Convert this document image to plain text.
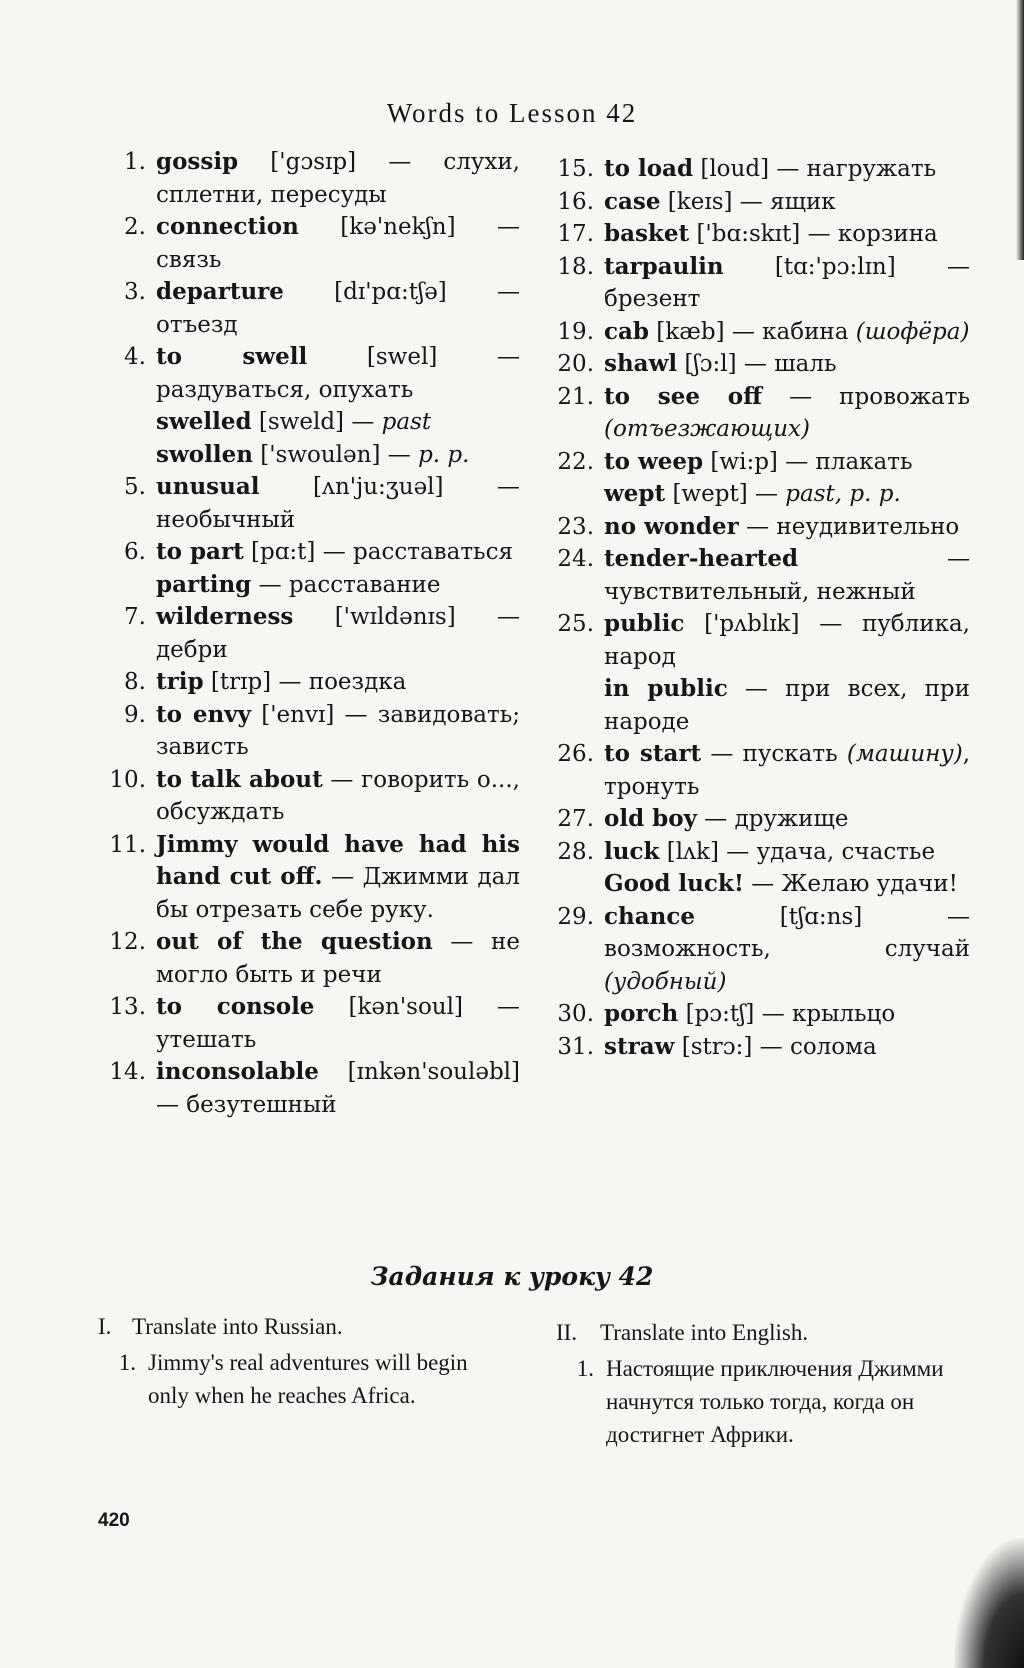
Words to Lesson 42
1. gossip ['gɔsɪp] — слухи, сплетни, пересуды
2. connection [kə'nekʃn] — связь
3. departure [dɪ'pɑ:tʃə] — отъезд
4. to swell [swel] — раздуваться, опухать
swelled [sweld] — past
swollen ['swoulən] — p. p.
5. unusual [ʌn'ju:ʒuəl] — необычный
6. to part [pɑ:t] — расставаться
parting — расставание
7. wilderness ['wɪldənɪs] — дебри
8. trip [trɪp] — поездка
9. to envy ['envɪ] — завидовать; зависть
10. to talk about — говорить о..., обсуждать
11. Jimmy would have had his hand cut off. — Джимми дал бы отрезать себе руку.
12. out of the question — не могло быть и речи
13. to console [kən'soul] — утешать
14. inconsolable [ɪnkən'souləbl] — безутешный
15. to load [loud] — нагружать
16. case [keɪs] — ящик
17. basket ['bɑ:skɪt] — корзина
18. tarpaulin [tɑ:'pɔ:lɪn] — брезент
19. cab [kæb] — кабина (шофёра)
20. shawl [ʃɔ:l] — шаль
21. to see off — провожать (отъезжающих)
22. to weep [wi:p] — плакать
wept [wept] — past, p. p.
23. no wonder — неудивительно
24. tender-hearted — чувствительный, нежный
25. public ['pʌblɪk] — публика, народ
in public — при всех, при народе
26. to start — пускать (машину), тронуть
27. old boy — дружище
28. luck [lʌk] — удача, счастье
Good luck! — Желаю удачи!
29. chance [tʃɑ:ns] — возможность, случай (удобный)
30. porch [pɔ:tʃ] — крыльцо
31. straw [strɔ:] — солома
Задания к уроку 42
I. Translate into Russian.
1. Jimmy's real adventures will begin only when he reaches Africa.
II. Translate into English.
1. Настоящие приключения Джимми начнутся только тогда, когда он достигнет Африки.
420
